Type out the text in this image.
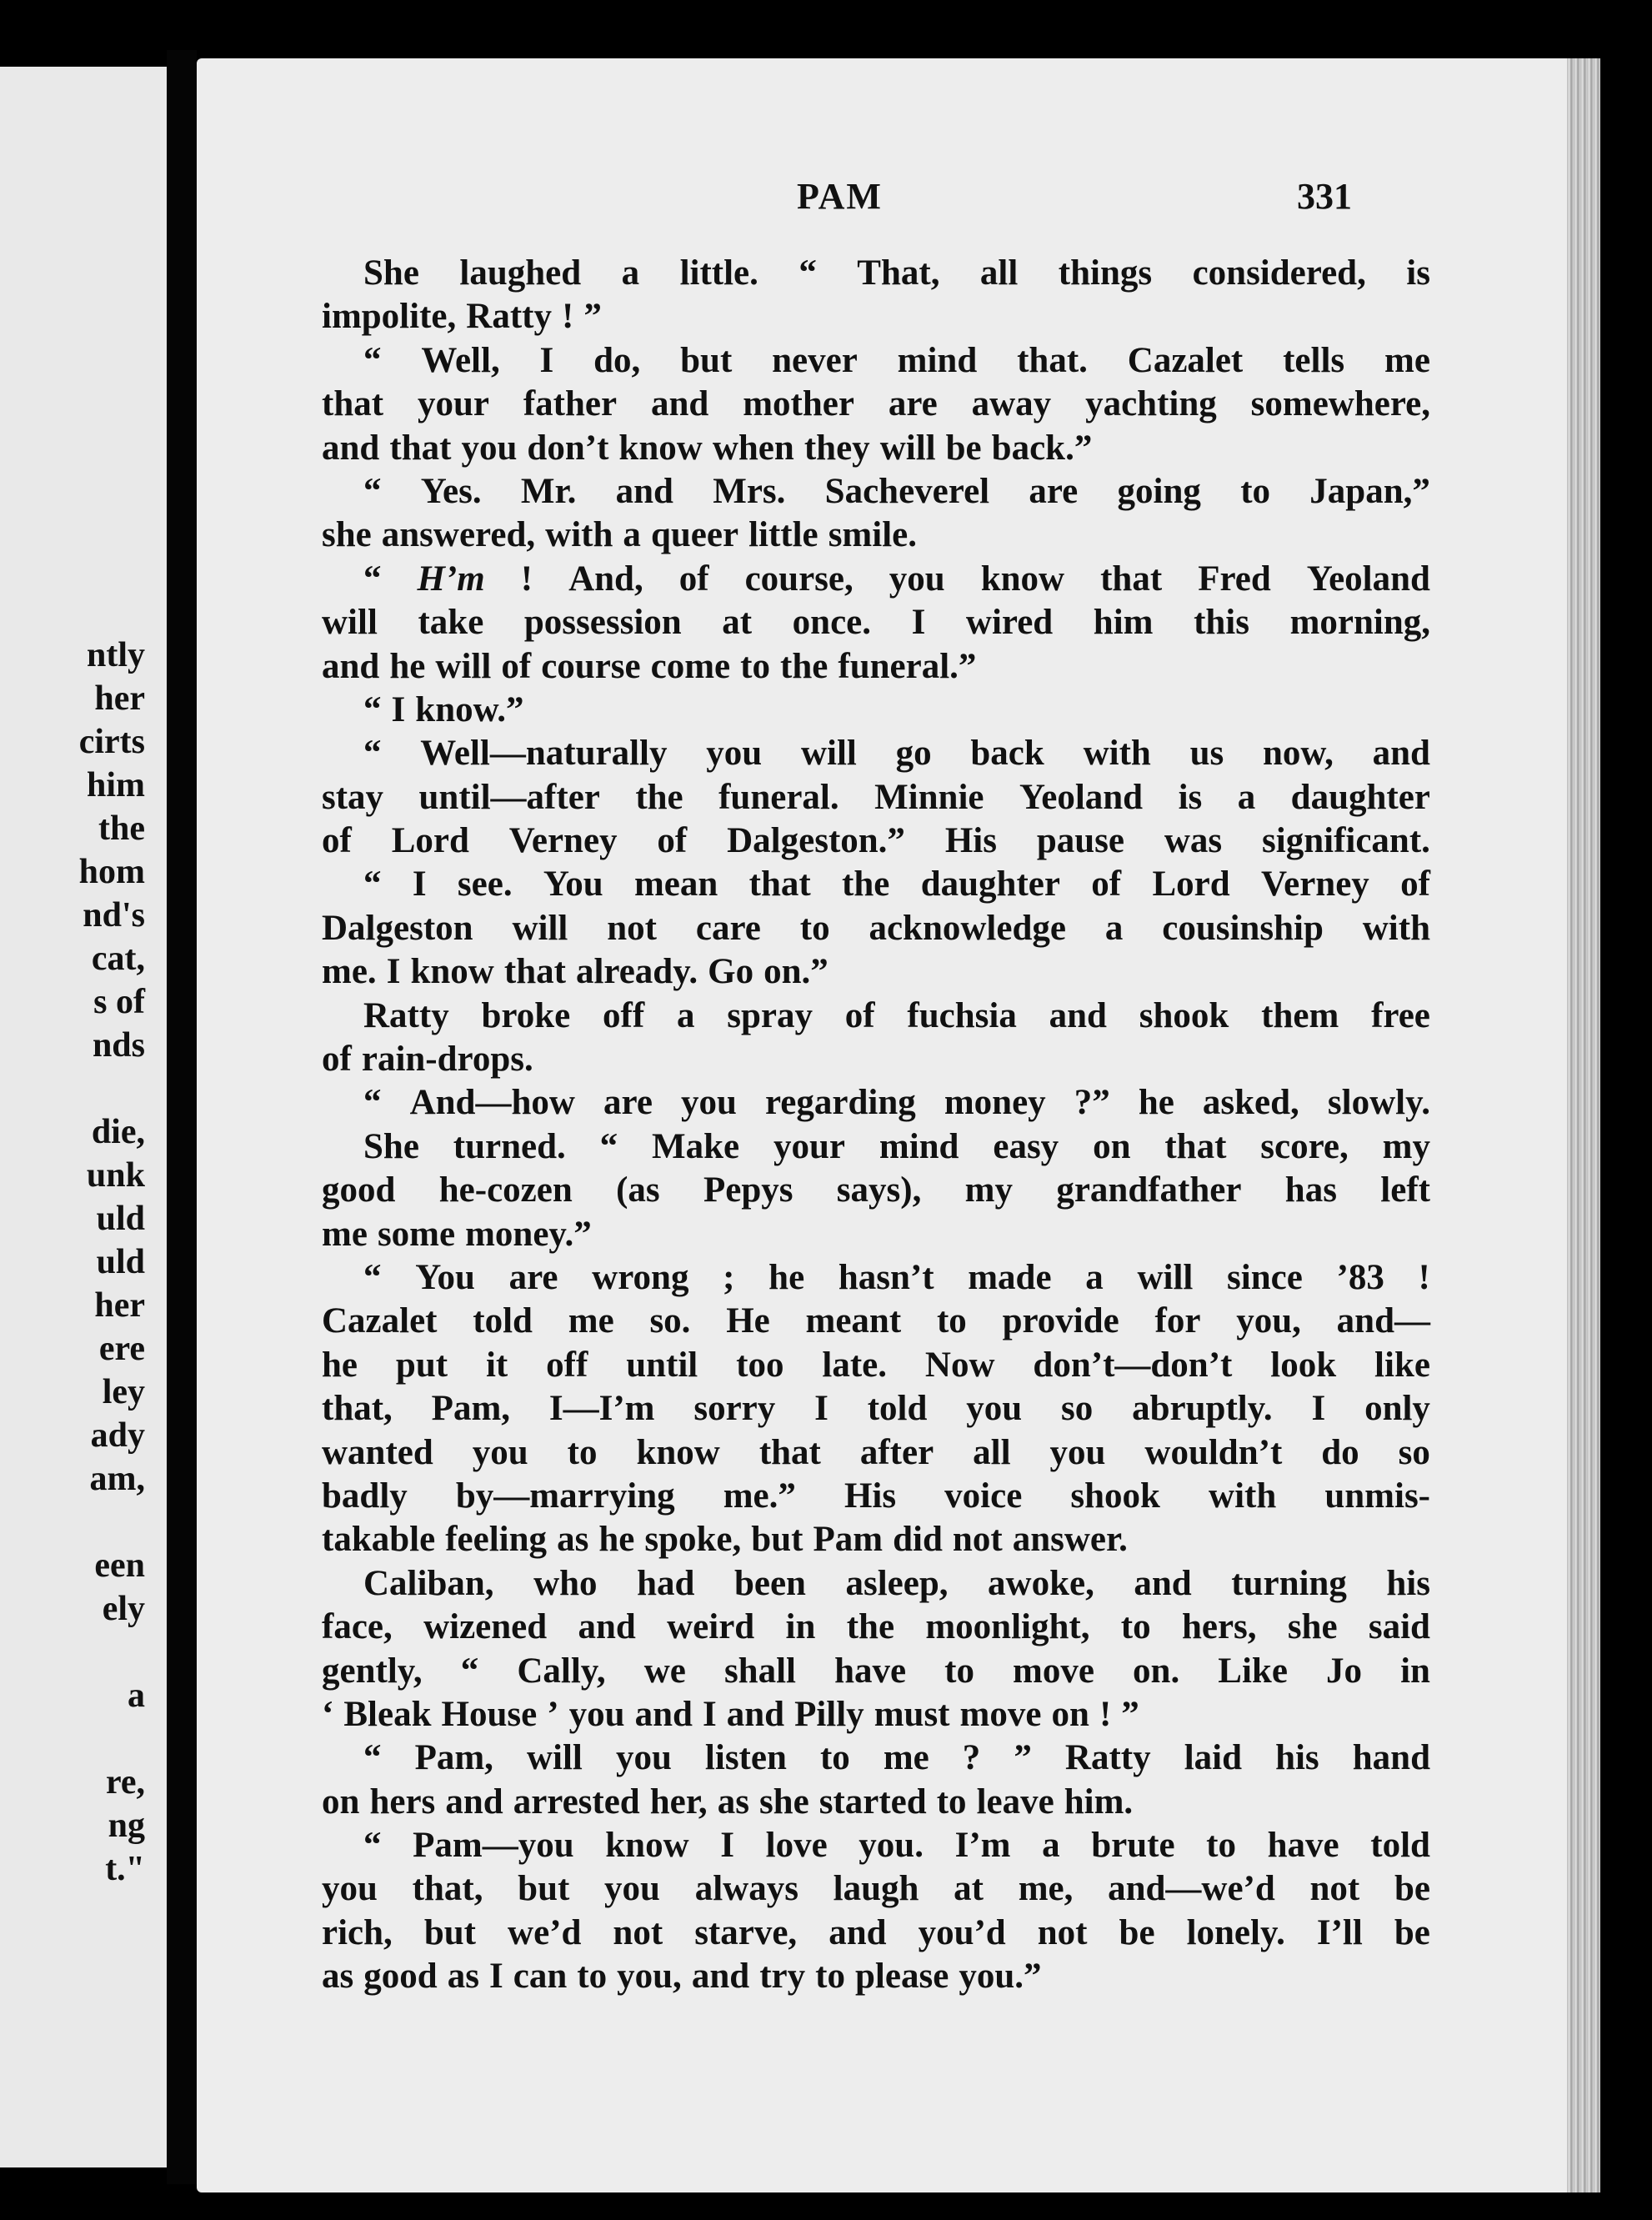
ntly
her
cirts
him
the
hom
nd's
cat,
s of
nds

die,
unk
uld
uld
her
ere
ley
ady
am,

een
ely

a

re,
ng
t."
PAM	331
She laughed a little. “ That, all things considered, is
impolite, Ratty ! ”
“ Well, I do, but never mind that. Cazalet tells me
that your father and mother are away yachting somewhere,
and that you don’t know when they will be back.”
“ Yes. Mr. and Mrs. Sacheverel are going to Japan,”
she answered, with a queer little smile.
“ H’m ! And, of course, you know that Fred Yeoland
will take possession at once. I wired him this morning,
and he will of course come to the funeral.”
“ I know.”
“ Well—naturally you will go back with us now, and
stay until—after the funeral. Minnie Yeoland is a daughter
of Lord Verney of Dalgeston.” His pause was significant.
“ I see. You mean that the daughter of Lord Verney of
Dalgeston will not care to acknowledge a cousinship with
me. I know that already. Go on.”
Ratty broke off a spray of fuchsia and shook them free
of rain-drops.
“ And—how are you regarding money ?” he asked, slowly.
She turned. “ Make your mind easy on that score, my
good he-cozen (as Pepys says), my grandfather has left
me some money.”
“ You are wrong ; he hasn’t made a will since ’83 !
Cazalet told me so. He meant to provide for you, and—
he put it off until too late. Now don’t—don’t look like
that, Pam, I—I’m sorry I told you so abruptly. I only
wanted you to know that after all you wouldn’t do so
badly by—marrying me.” His voice shook with unmis-
takable feeling as he spoke, but Pam did not answer.
Caliban, who had been asleep, awoke, and turning his
face, wizened and weird in the moonlight, to hers, she said
gently, “ Cally, we shall have to move on. Like Jo in
‘ Bleak House ’ you and I and Pilly must move on ! ”
“ Pam, will you listen to me ? ” Ratty laid his hand
on hers and arrested her, as she started to leave him.
“ Pam—you know I love you. I’m a brute to have told
you that, but you always laugh at me, and—we’d not be
rich, but we’d not starve, and you’d not be lonely. I’ll be
as good as I can to you, and try to please you.”
